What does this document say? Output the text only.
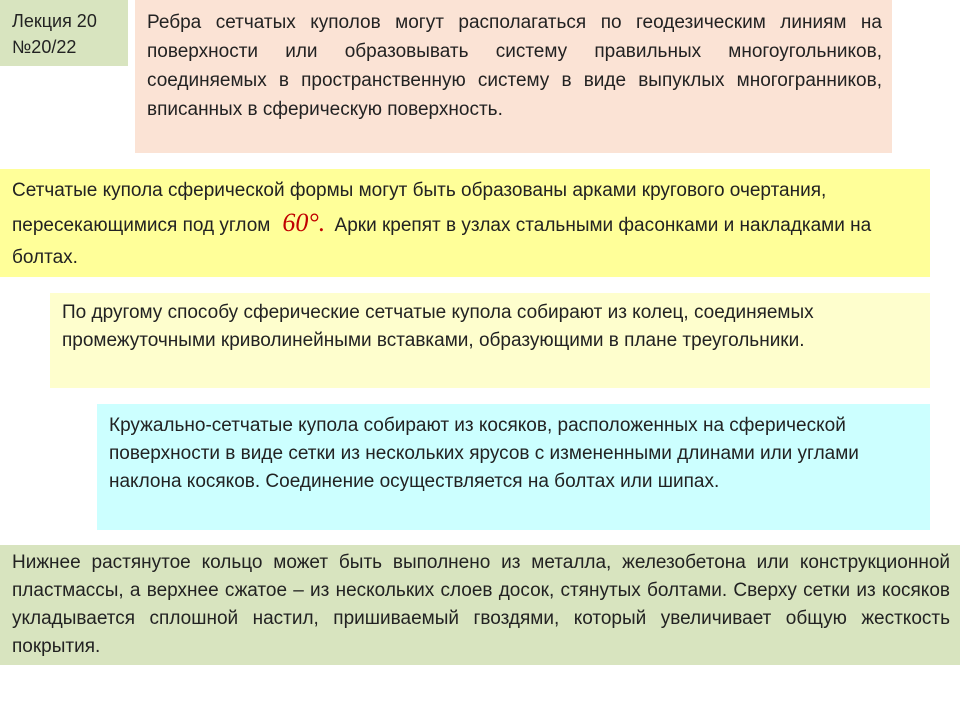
Лекция 20
№20/22

Ребра сетчатых куполов могут располагаться по геодезическим линиям на поверхности или образовывать систему правильных многоугольников, соединяемых в пространственную систему в виде выпуклых многогранников, вписанных в сферическую поверхность.

Сетчатые купола сферической формы могут быть образованы арками кругового очертания, пересекающимися под углом 60°. Арки крепят в узлах стальными фасонками и накладками на болтах.

По другому способу сферические сетчатые купола собирают из колец, соединяемых промежуточными криволинейными вставками, образующими в плане треугольники.

Кружально-сетчатые купола собирают из косяков, расположенных на сферической поверхности в виде сетки из нескольких ярусов с измененными длинами или углами наклона косяков. Соединение осуществляется на болтах или шипах.

Нижнее растянутое кольцо может быть выполнено из металла, железобетона или конструкционной пластмассы, а верхнее сжатое – из нескольких слоев досок, стянутых болтами. Сверху сетки из косяков укладывается сплошной настил, пришиваемый гвоздями, который увеличивает общую жесткость покрытия.
